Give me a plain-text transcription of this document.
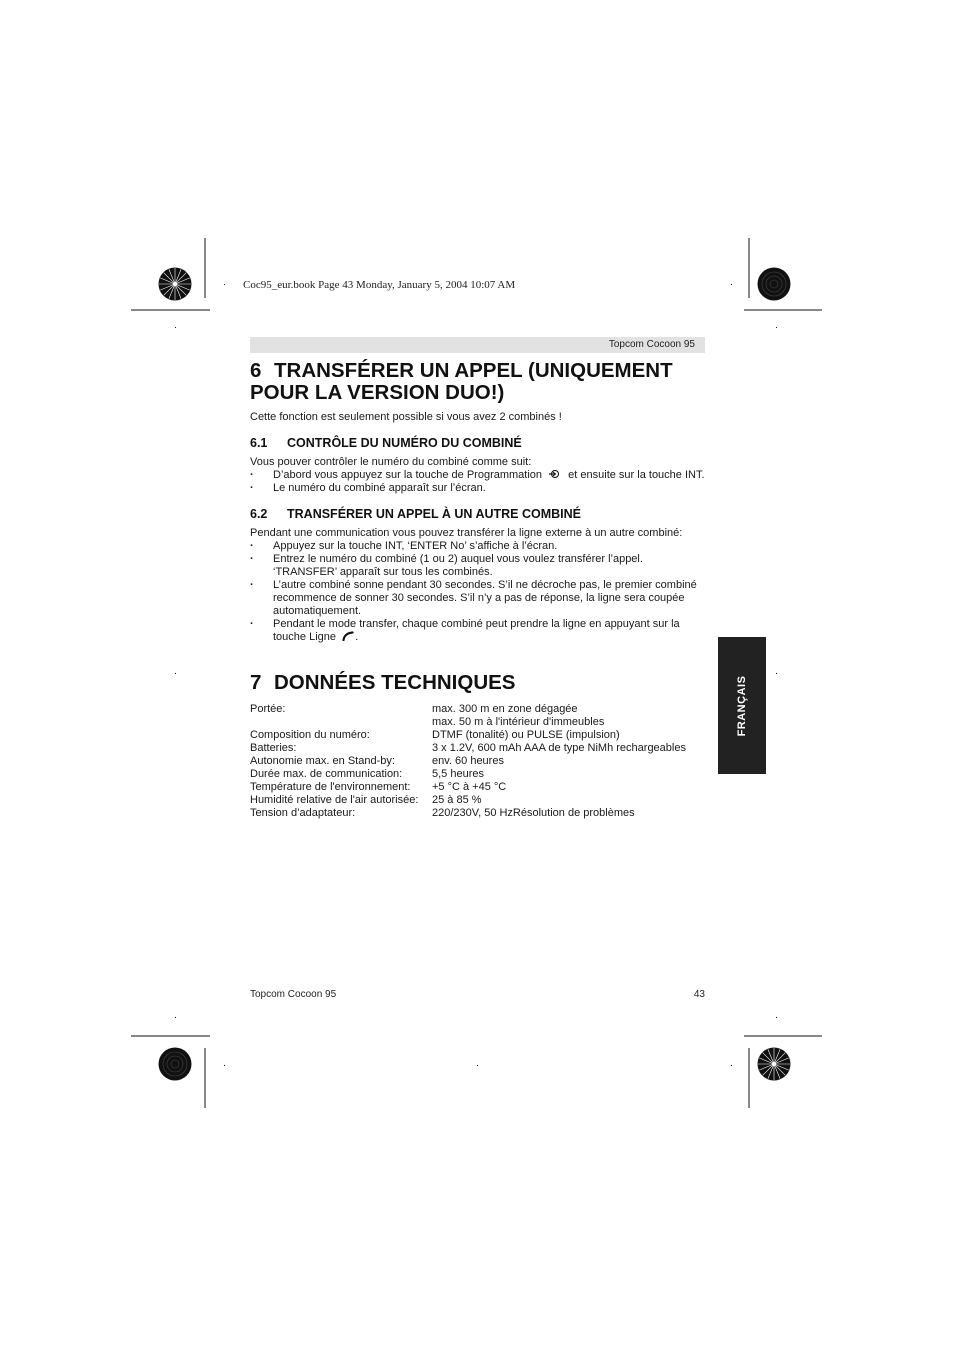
Coc95_eur.book Page 43 Monday, January 5, 2004 10:07 AM
Topcom Cocoon 95
6 TRANSFÉRER UN APPEL (UNIQUEMENT
POUR LA VERSION DUO!)
Cette fonction est seulement possible si vous avez 2 combinés !
6.1 CONTRÔLE DU NUMÉRO DU COMBINÉ
Vous pouver contrôler le numéro du combiné comme suit:
· D’abord vous appuyez sur la touche de Programmation et ensuite sur la touche INT.
· Le numéro du combiné apparaît sur l’écran.
6.2 TRANSFÉRER UN APPEL À UN AUTRE COMBINÉ
Pendant une communication vous pouvez transférer la ligne externe à un autre combiné:
· Appuyez sur la touche INT, ‘ENTER No’ s’affiche à l’écran.
· Entrez le numéro du combiné (1 ou 2) auquel vous voulez transférer l’appel.
‘TRANSFER’ apparaît sur tous les combinés.
· L’autre combiné sonne pendant 30 secondes. S’il ne décroche pas, le premier combiné
recommence de sonner 30 secondes. S’il n’y a pas de réponse, la ligne sera coupée
automatiquement.
· Pendant le mode transfer, chaque combiné peut prendre la ligne en appuyant sur la
touche Ligne .
7 DONNÉES TECHNIQUES
Portée:	max. 300 m en zone dégagée
max. 50 m à l'intérieur d'immeubles
Composition du numéro:	DTMF (tonalité) ou PULSE (impulsion)
Batteries:	3 x 1.2V, 600 mAh AAA de type NiMh rechargeables
Autonomie max. en Stand-by:	env. 60 heures
Durée max. de communication:	5,5 heures
Température de l'environnement:	+5 °C à +45 °C
Humidité relative de l'air autorisée:	25 à 85 %
Tension d’adaptateur:	220/230V, 50 HzRésolution de problèmes
FRANÇAIS
Topcom Cocoon 95	43
